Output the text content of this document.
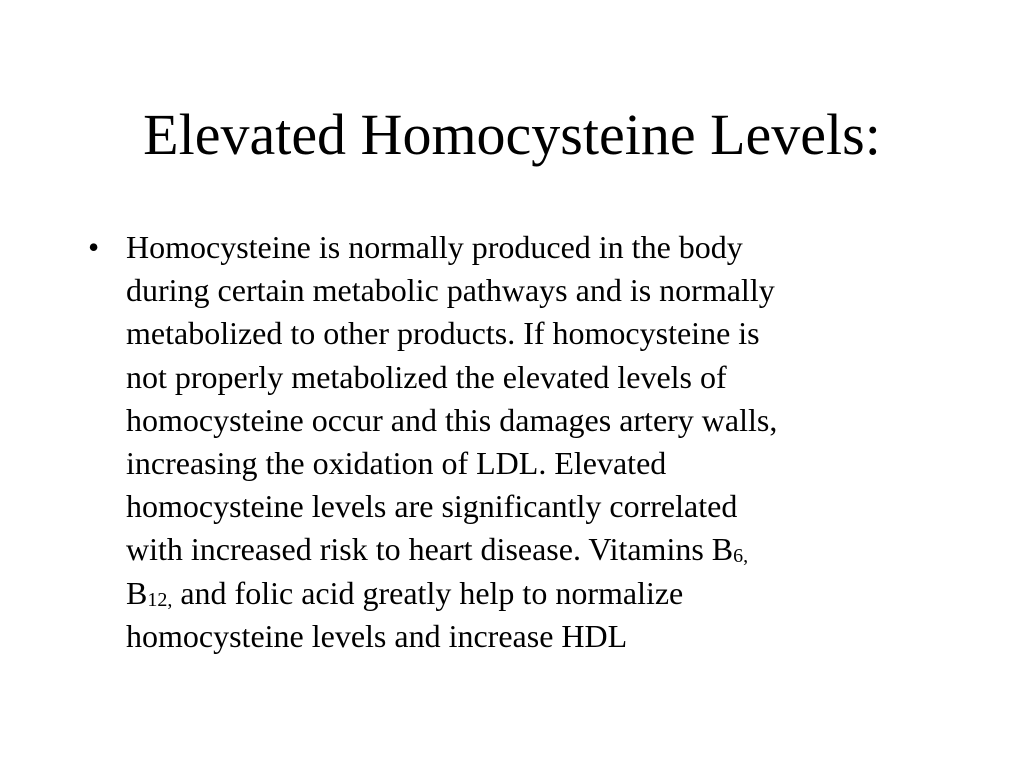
Elevated Homocysteine Levels:
• Homocysteine is normally produced in the body
during certain metabolic pathways and is normally
metabolized to other products. If homocysteine is
not properly metabolized the elevated levels of
homocysteine occur and this damages artery walls,
increasing the oxidation of LDL. Elevated
homocysteine levels are significantly correlated
with increased risk to heart disease. Vitamins B6,
B12, and folic acid greatly help to normalize
homocysteine levels and increase HDL
